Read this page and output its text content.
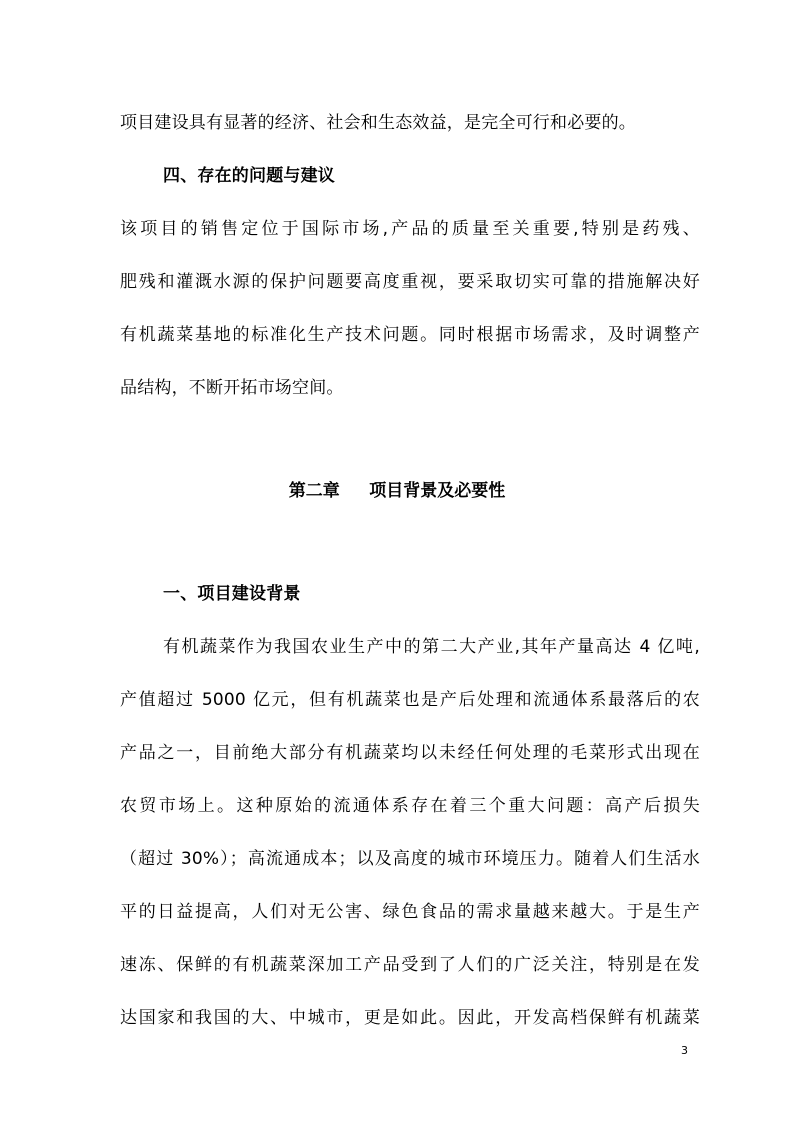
项目建设具有显著的经济、社会和生态效益，是完全可行和必要的。
四、存在的问题与建议
该项目的销售定位于国际市场,产品的质量至关重要,特别是药残、
肥残和灌溉水源的保护问题要高度重视，要采取切实可靠的措施解决好
有机蔬菜基地的标准化生产技术问题。同时根据市场需求，及时调整产
品结构，不断开拓市场空间。
第二章     项目背景及必要性
一、项目建设背景
有机蔬菜作为我国农业生产中的第二大产业,其年产量高达 4 亿吨,
产值超过 5000 亿元，但有机蔬菜也是产后处理和流通体系最落后的农
产品之一，目前绝大部分有机蔬菜均以未经任何处理的毛菜形式出现在
农贸市场上。这种原始的流通体系存在着三个重大问题：高产后损失
（超过 30%）；高流通成本；以及高度的城市环境压力。随着人们生活水
平的日益提高，人们对无公害、绿色食品的需求量越来越大。于是生产
速冻、保鲜的有机蔬菜深加工产品受到了人们的广泛关注，特别是在发
达国家和我国的大、中城市，更是如此。因此，开发高档保鲜有机蔬菜
3
